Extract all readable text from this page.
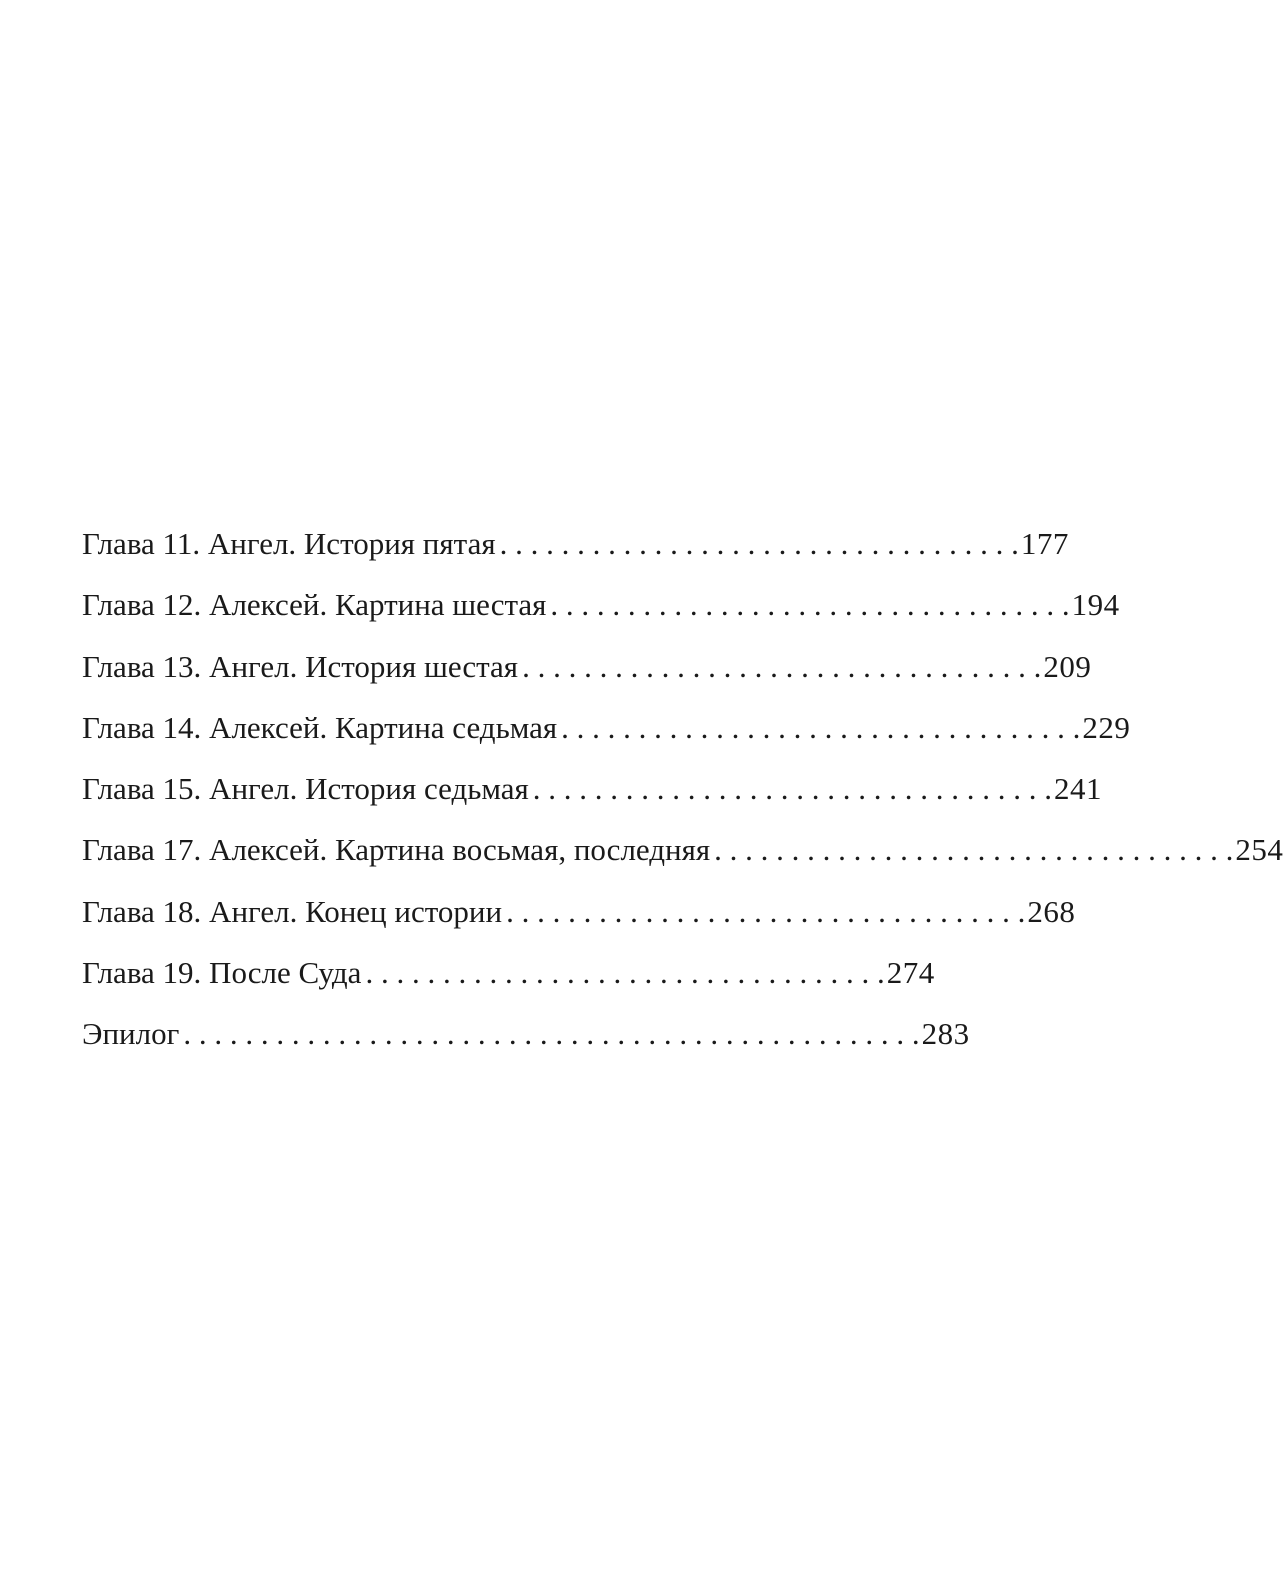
Глава 11. Ангел. История пятая . . . . . . . . . . . . . . . . . . . . . . . . . . . . . . . . . . 177
Глава 12. Алексей. Картина шестая . . . . . . . . . . . . . . . . . . . . . . . . . . . . . . . . . . 194
Глава 13. Ангел. История шестая . . . . . . . . . . . . . . . . . . . . . . . . . . . . . . . . . . 209
Глава 14. Алексей. Картина седьмая . . . . . . . . . . . . . . . . . . . . . . . . . . . . . . . . . . 229
Глава 15. Ангел. История седьмая . . . . . . . . . . . . . . . . . . . . . . . . . . . . . . . . . . 241
Глава 17. Алексей. Картина восьмая, последняя . . . . . . . . . . . . . . . . . . . . . . . . . . . . . . . . . . 254
Глава 18. Ангел. Конец истории . . . . . . . . . . . . . . . . . . . . . . . . . . . . . . . . . . 268
Глава 19. После Суда . . . . . . . . . . . . . . . . . . . . . . . . . . . . . . . . . . 274
Эпилог . . . . . . . . . . . . . . . . . . . . . . . . . . . . . . . . . . . . . . . . . . . . . . . . 283
